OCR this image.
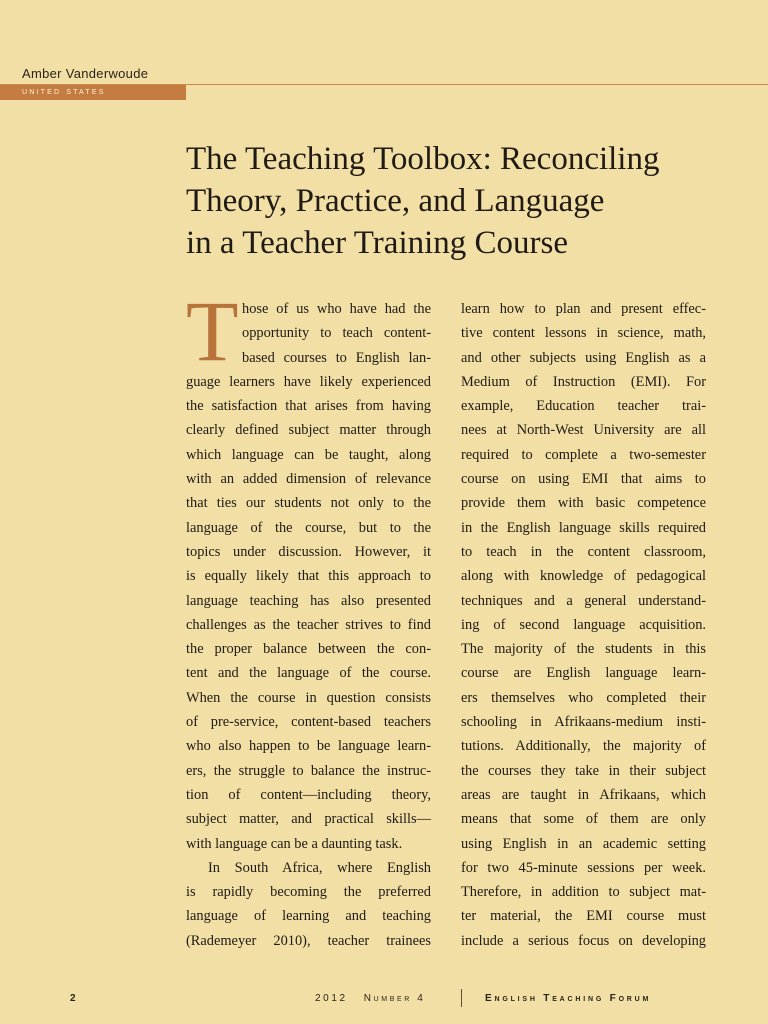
Amber Vanderwoude
united states
The Teaching Toolbox: Reconciling
Theory, Practice, and Language
in a Teacher Training Course
T hose of us who have had the
opportunity to teach content-
based courses to English lan-
guage learners have likely experienced
the satisfaction that arises from having
clearly defined subject matter through
which language can be taught, along
with an added dimension of relevance
that ties our students not only to the
language of the course, but to the
topics under discussion. However, it
is equally likely that this approach to
language teaching has also presented
challenges as the teacher strives to find
the proper balance between the con-
tent and the language of the course.
When the course in question consists
of pre-service, content-based teachers
who also happen to be language learn-
ers, the struggle to balance the instruc-
tion of content—including theory,
subject matter, and practical skills—
with language can be a daunting task.
In South Africa, where English
is rapidly becoming the preferred
language of learning and teaching
(Rademeyer 2010), teacher trainees
learn how to plan and present effec-
tive content lessons in science, math,
and other subjects using English as a
Medium of Instruction (EMI). For
example, Education teacher trai-
nees at North-West University are all
required to complete a two-semester
course on using EMI that aims to
provide them with basic competence
in the English language skills required
to teach in the content classroom,
along with knowledge of pedagogical
techniques and a general understand-
ing of second language acquisition.
The majority of the students in this
course are English language learn-
ers themselves who completed their
schooling in Afrikaans-medium insti-
tutions. Additionally, the majority of
the courses they take in their subject
areas are taught in Afrikaans, which
means that some of them are only
using English in an academic setting
for two 45-minute sessions per week.
Therefore, in addition to subject mat-
ter material, the EMI course must
include a serious focus on developing
2	2012 Number 4	English Teaching Forum
